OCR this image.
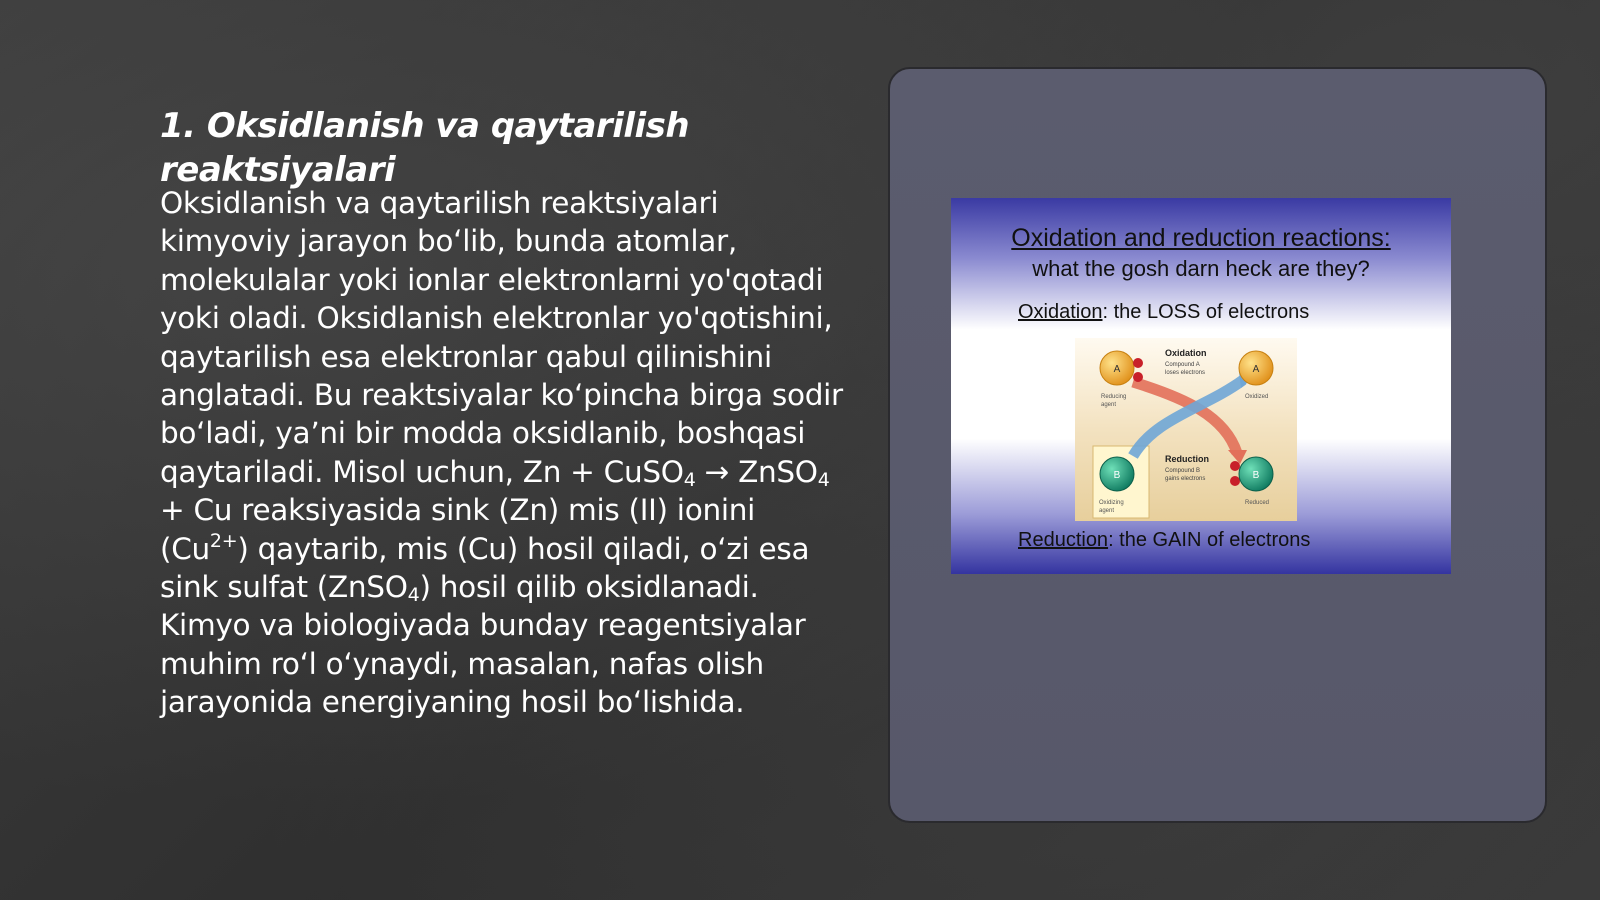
1. Oksidlanish va qaytarilish reaktsiyalari
Oksidlanish va qaytarilish reaktsiyalari kimyoviy jarayon bo‘lib, bunda atomlar, molekulalar yoki ionlar elektronlarni yo'qotadi yoki oladi. Oksidlanish elektronlar yo'qotishini, qaytarilish esa elektronlar qabul qilinishini anglatadi. Bu reaktsiyalar ko‘pincha birga sodir bo‘ladi, ya’ni bir modda oksidlanib, boshqasi qaytariladi. Misol uchun, Zn + CuSO$_4$ → ZnSO$_4$ + Cu reaksiyasida sink (Zn) mis (II) ionini $(Cu^{2+})$ qaytarib, mis (Cu) hosil qiladi, o‘zi esa sink sulfat (ZnSO$_4$) hosil qilib oksidlanadi. Kimyo va biologiyada bunday reagentsiyalar muhim ro‘l o‘ynaydi, masalan, nafas olish jarayonida energiyaning hosil bo‘lishida.
Oxidation and reduction reactions:
what the gosh darn heck are they?
Oxidation: the LOSS of electrons
A
Reducing
agent
Oxidation
Compound A
loses electrons	A
Oxidized
B
Oxidizing
agent
Reduction
Compound B
gains electrons	B
Reduced
Reduction: the GAIN of electrons
